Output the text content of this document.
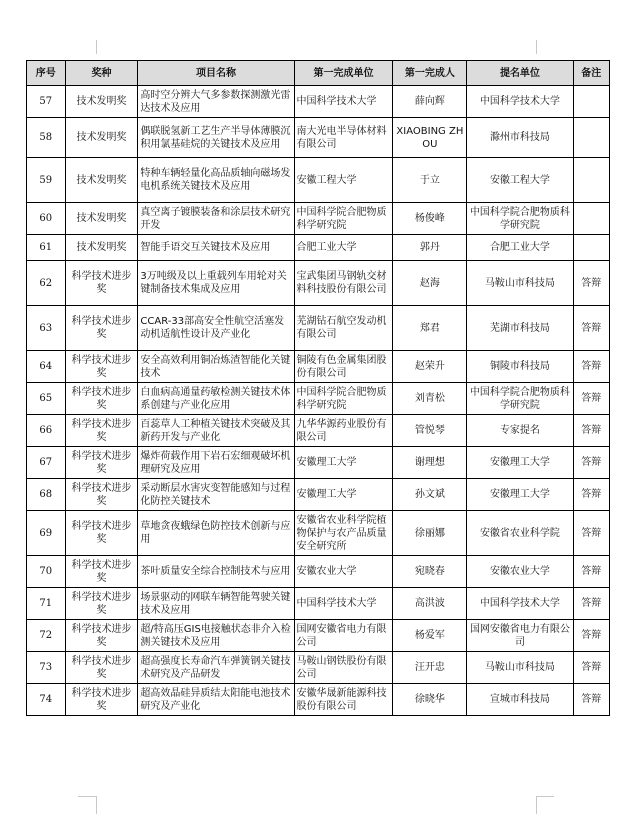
序号	奖种	项目名称	第一完成单位	第一完成人	提名单位	备注
57	技术发明奖	高时空分辨大气多参数探测激光雷达技术及应用	中国科学技术大学	薛向辉	中国科学技术大学	
58	技术发明奖	偶联脱氢新工艺生产半导体薄膜沉积用氯基硅烷的关键技术及应用	南大光电半导体材料有限公司	XIAOBING ZHOU	滁州市科技局	
59	技术发明奖	特种车辆轻量化高品质轴向磁场发电机系统关键技术及应用	安徽工程大学	于立	安徽工程大学	
60	技术发明奖	真空离子镀膜装备和涂层技术研究开发	中国科学院合肥物质科学研究院	杨俊峰	中国科学院合肥物质科学研究院	
61	技术发明奖	智能手语交互关键技术及应用	合肥工业大学	郭丹	合肥工业大学	
62	科学技术进步奖	3万吨级及以上重载列车用轮对关键制备技术集成及应用	宝武集团马钢轨交材料科技股份有限公司	赵海	马鞍山市科技局	答辩
63	科学技术进步奖	CCAR-33部高安全性航空活塞发动机适航性设计及产业化	芜湖钻石航空发动机有限公司	郑君	芜湖市科技局	答辩
64	科学技术进步奖	安全高效利用铜冶炼渣智能化关键技术	铜陵有色金属集团股份有限公司	赵荣升	铜陵市科技局	答辩
65	科学技术进步奖	白血病高通量药敏检测关键技术体系创建与产业化应用	中国科学院合肥物质科学研究院	刘青松	中国科学院合肥物质科学研究院	答辩
66	科学技术进步奖	百蕊草人工种植关键技术突破及其新药开发与产业化	九华华源药业股份有限公司	管悦琴	专家提名	答辩
67	科学技术进步奖	爆炸荷载作用下岩石宏细观破坏机理研究及应用	安徽理工大学	谢理想	安徽理工大学	答辩
68	科学技术进步奖	采动断层水害灾变智能感知与过程化防控关键技术	安徽理工大学	孙文斌	安徽理工大学	答辩
69	科学技术进步奖	草地贪夜蛾绿色防控技术创新与应用	安徽省农业科学院植物保护与农产品质量安全研究所	徐丽娜	安徽省农业科学院	答辩
70	科学技术进步奖	茶叶质量安全综合控制技术与应用	安徽农业大学	宛晓春	安徽农业大学	答辩
71	科学技术进步奖	场景驱动的网联车辆智能驾驶关键技术及应用	中国科学技术大学	高洪波	中国科学技术大学	答辩
72	科学技术进步奖	超/特高压GIS电接触状态非介入检测关键技术及应用	国网安徽省电力有限公司	杨爱军	国网安徽省电力有限公司	答辩
73	科学技术进步奖	超高强度长寿命汽车弹簧钢关键技术研究及产品研发	马鞍山钢铁股份有限公司	汪开忠	马鞍山市科技局	答辩
74	科学技术进步奖	超高效晶硅异质结太阳能电池技术研究及产业化	安徽华晟新能源科技股份有限公司	徐晓华	宣城市科技局	答辩
